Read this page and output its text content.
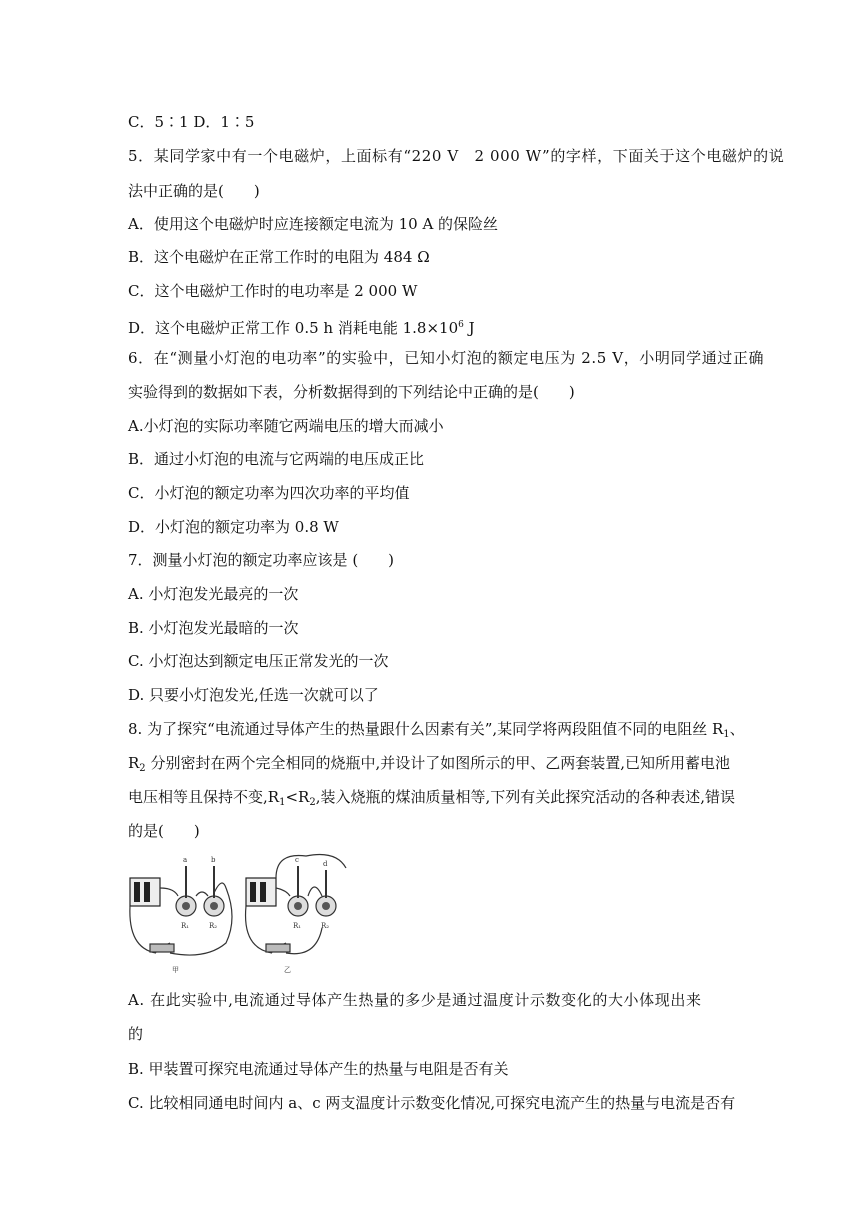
C．5∶1 D．1∶5
5．某同学家中有一个电磁炉，上面标有“220 V　2 000 W”的字样，下面关于这个电磁炉的说
法中正确的是(　　)
A．使用这个电磁炉时应连接额定电流为 10 A 的保险丝
B．这个电磁炉在正常工作时的电阻为 484 Ω
C．这个电磁炉工作时的电功率是 2 000 W
D．这个电磁炉正常工作 0.5 h 消耗电能 $1.8\times 10^6$ J
6．在“测量小灯泡的电功率”的实验中，已知小灯泡的额定电压为 2.5 V，小明同学通过正确
实验得到的数据如下表，分析数据得到的下列结论中正确的是(　　)
A.小灯泡的实际功率随它两端电压的增大而减小
B．通过小灯泡的电流与它两端的电压成正比
C．小灯泡的额定功率为四次功率的平均值
D．小灯泡的额定功率为 0.8 W
7．测量小灯泡的额定功率应该是 (　　)
A. 小灯泡发光最亮的一次
B. 小灯泡发光最暗的一次
C. 小灯泡达到额定电压正常发光的一次
D. 只要小灯泡发光,任选一次就可以了
8. 为了探究“电流通过导体产生的热量跟什么因素有关”,某同学将两段阻值不同的电阻丝 $R_1$、
$R_2$ 分别密封在两个完全相同的烧瓶中,并设计了如图所示的甲、乙两套装置,已知所用蓄电池
电压相等且保持不变$,R_1<R_2$,装入烧瓶的煤油质量相等,下列有关此探究活动的各种表述,错误
的是(　　)
a	b	c	d
R₁	R₂	R₁	R₂
甲	乙
A. 在此实验中,电流通过导体产生热量的多少是通过温度计示数变化的大小体现出来
的
B. 甲装置可探究电流通过导体产生的热量与电阻是否有关
C. 比较相同通电时间内 a、c 两支温度计示数变化情况,可探究电流产生的热量与电流是否有
